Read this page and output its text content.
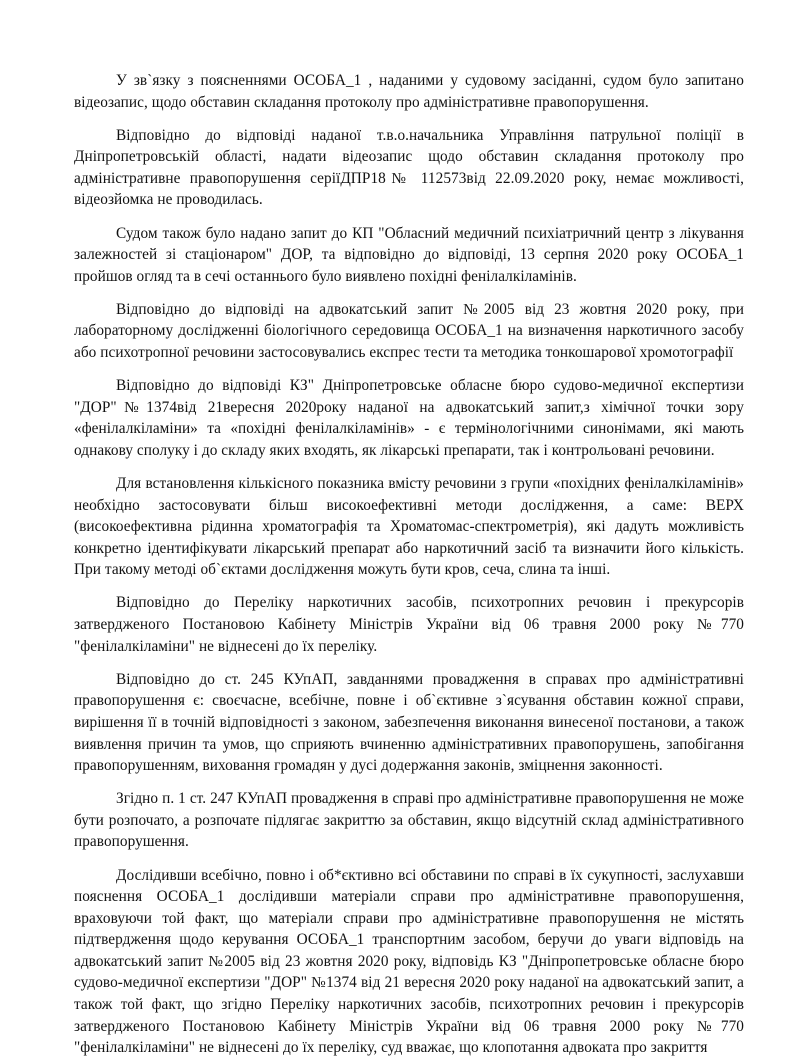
У зв`язку з поясненнями ОСОБА_1 , наданими у судовому засіданні, судом було запитано відеозапис, щодо обставин складання протоколу про адміністративне правопорушення.

Відповідно до відповіді наданої т.в.о.начальника Управління патрульної поліції в Дніпропетровській області, надати відеозапис щодо обставин складання протоколу про адміністративне правопорушення серіїДПР18№ 112573від 22.09.2020 року, немає можливості, відеозйомка не проводилась.

Судом також було надано запит до КП "Обласний медичний психіатричний центр з лікування залежностей зі стаціонаром" ДОР, та відповідно до відповіді, 13 серпня 2020 року ОСОБА_1 пройшов огляд та в сечі останнього було виявлено похідні фенілалкіламінів.

Відповідно до відповіді на адвокатський запит №2005 від 23 жовтня 2020 року, при лабораторному дослідженні біологічного середовища ОСОБА_1 на визначення наркотичного засобу або психотропної речовини застосовувались експрес тести та методика тонкошарової хромотографії

Відповідно до відповіді КЗ" Дніпропетровське обласне бюро судово-медичної експертизи "ДОР"№1374від 21вересня 2020року наданої на адвокатський запит,з хімічної точки зору «фенілалкіламіни» та «похідні фенілалкіламінів» - є термінологічними синонімами, які мають однакову сполуку і до складу яких входять, як лікарські препарати, так і контрольовані речовини.

Для встановлення кількісного показника вмісту речовини з групи «похідних фенілалкіламінів» необхідно застосовувати більш високоефективні методи дослідження, а саме: ВЕРХ (високоефективна рідинна хроматографія та Хроматомас-спектрометрія), які дадуть можливість конкретно ідентифікувати лікарський препарат або наркотичний засіб та визначити його кількість. При такому методі об`єктами дослідження можуть бути кров, сеча, слина та інші.

Відповідно до Переліку наркотичних засобів, психотропних речовин і прекурсорів затвердженого Постановою Кабінету Міністрів України від 06 травня 2000 року №770 "фенілалкіламіни" не віднесені до їх переліку.

Відповідно до ст. 245 КУпАП, завданнями провадження в справах про адміністративні правопорушення є: своєчасне, всебічне, повне і об`єктивне з`ясування обставин кожної справи, вирішення її в точній відповідності з законом, забезпечення виконання винесеної постанови, а також виявлення причин та умов, що сприяють вчиненню адміністративних правопорушень, запобігання правопорушенням, виховання громадян у дусі додержання законів, зміцнення законності.

Згідно п. 1 ст. 247 КУпАП провадження в справі про адміністративне правопорушення не може бути розпочато, а розпочате підлягає закриттю за обставин, якщо відсутній склад адміністративного правопорушення.

Дослідивши всебічно, повно і об*єктивно всі обставини по справі в їх сукупності, заслухавши пояснення ОСОБА_1 дослідивши матеріали справи про адміністративне правопорушення, враховуючи той факт, що матеріали справи про адміністративне правопорушення не містять підтвердження щодо керування ОСОБА_1 транспортним засобом, беручи до уваги відповідь на адвокатський запит №2005 від 23 жовтня 2020 року, відповідь КЗ "Дніпропетровське обласне бюро судово-медичної експертизи "ДОР" №1374 від 21 вересня 2020 року наданої на адвокатський запит, а також той факт, що згідно Переліку наркотичних засобів, психотропних речовин і прекурсорів затвердженого Постановою Кабінету Міністрів України від 06 травня 2000 року №770 "фенілалкіламіни" не віднесені до їх переліку, суд вважає, що клопотання адвоката про закриття
